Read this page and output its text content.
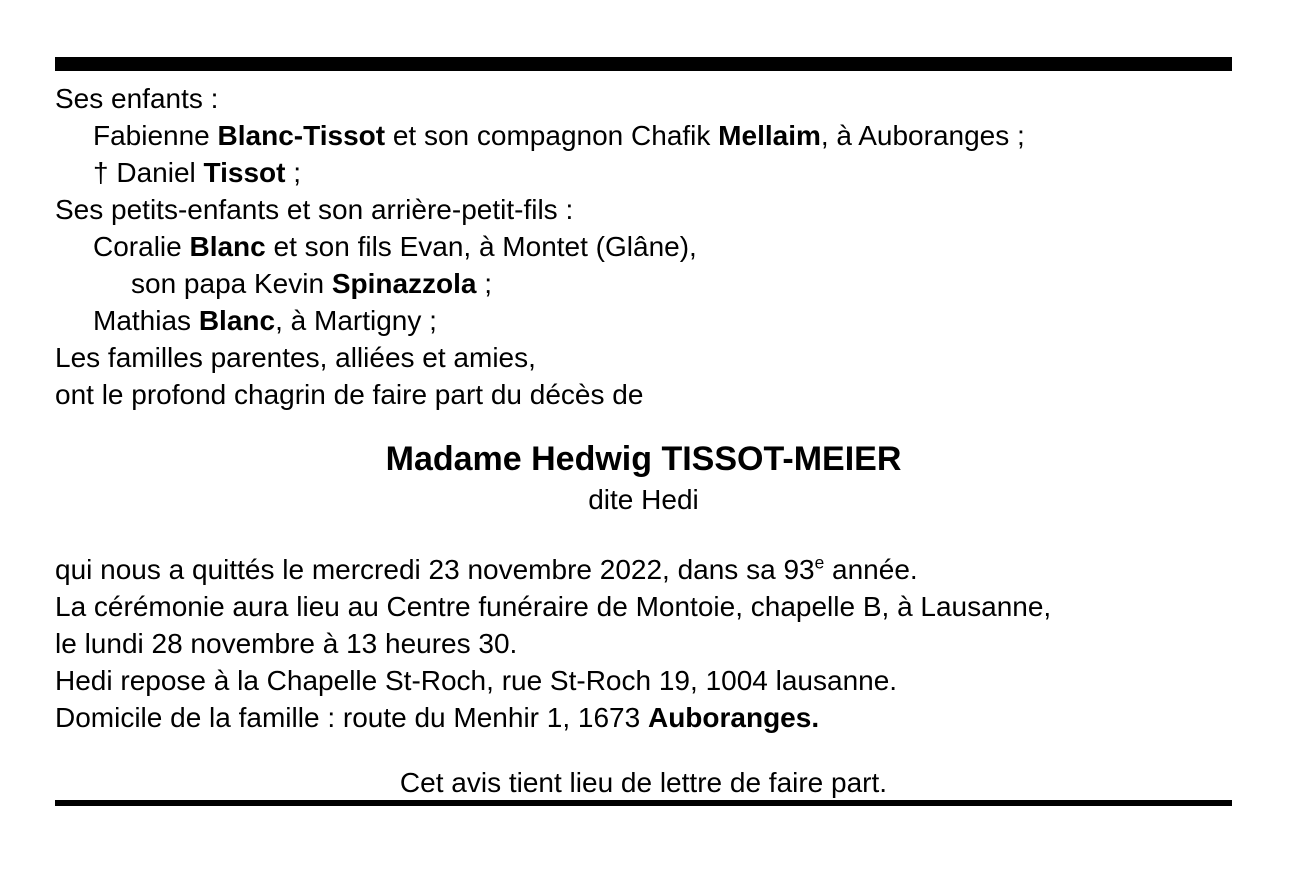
Ses enfants :
Fabienne Blanc-Tissot et son compagnon Chafik Mellaim, à Auboranges ;
† Daniel Tissot ;
Ses petits-enfants et son arrière-petit-fils :
Coralie Blanc et son fils Evan, à Montet (Glâne),
son papa Kevin Spinazzola ;
Mathias Blanc, à Martigny ;
Les familles parentes, alliées et amies,
ont le profond chagrin de faire part du décès de
Madame Hedwig TISSOT-MEIER
dite Hedi
qui nous a quittés le mercredi 23 novembre 2022, dans sa 93e année.
La cérémonie aura lieu au Centre funéraire de Montoie, chapelle B, à Lausanne,
le lundi 28 novembre à 13 heures 30.
Hedi repose à la Chapelle St-Roch, rue St-Roch 19, 1004 lausanne.
Domicile de la famille : route du Menhir 1, 1673 Auboranges.
Cet avis tient lieu de lettre de faire part.
